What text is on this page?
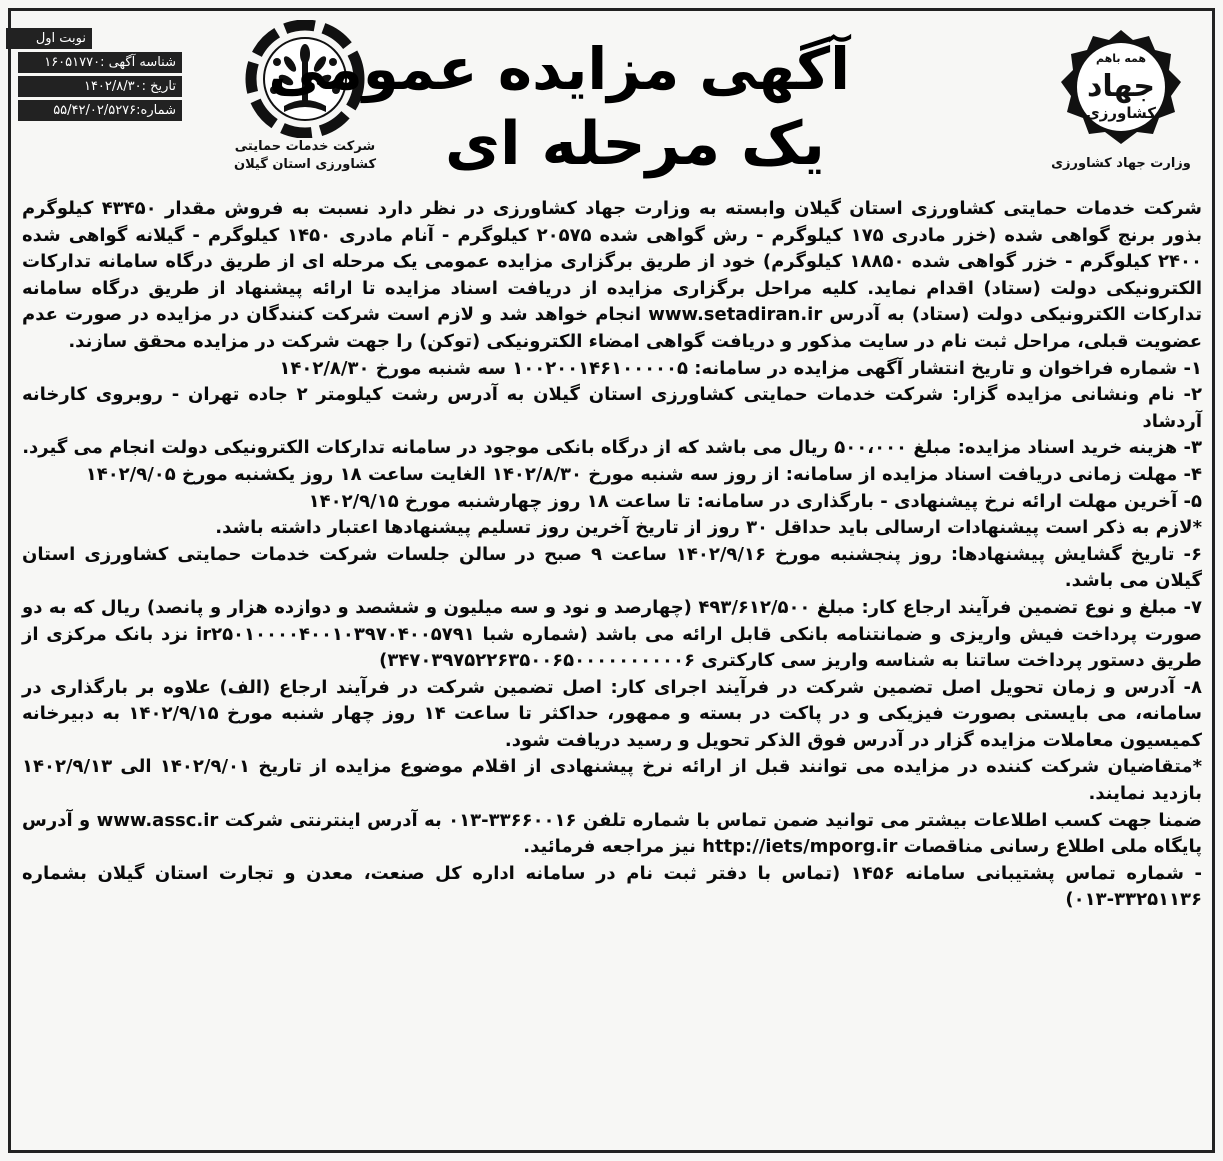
نوبت اول
شناسه آگهی :۱۶۰۵۱۷۷۰
تاریخ :۱۴۰۲/۸/۳۰
شماره:۵۵/۴۲/۰۲/۵۲۷۶
شرکت خدمات حمایتی
کشاورزی استان گیلان
آگهی مزایده عمومی
یک مرحله ای
همه باهم
جهاد
کشاورزی
وزارت جهاد کشاورزی

شرکت خدمات حمایتی کشاورزی استان گیلان وابسته به وزارت جهاد کشاورزی در نظر دارد نسبت به فروش مقدار ۴۳۴۵۰ کیلوگرم بذور برنج گواهی شده (خزر مادری ۱۷۵ کیلوگرم - رش گواهی شده ۲۰۵۷۵ کیلوگرم - آنام مادری ۱۴۵۰ کیلوگرم - گیلانه گواهی شده ۲۴۰۰ کیلوگرم - خزر گواهی شده ۱۸۸۵۰ کیلوگرم) خود از طریق برگزاری مزایده عمومی یک مرحله ای از طریق درگاه سامانه تدارکات الکترونیکی دولت (ستاد) اقدام نماید. کلیه مراحل برگزاری مزایده از دریافت اسناد مزایده تا ارائه پیشنهاد از طریق درگاه سامانه تدارکات الکترونیکی دولت (ستاد) به آدرس www.setadiran.ir انجام خواهد شد و لازم است شرکت کنندگان در مزایده در صورت عدم عضویت قبلی، مراحل ثبت نام در سایت مذکور و دریافت گواهی امضاء الکترونیکی (توکن) را جهت شرکت در مزایده محقق سازند.

۱- شماره فراخوان و تاریخ انتشار آگهی مزایده در سامانه: ۱۰۰۲۰۰۱۴۶۱۰۰۰۰۰۵ سه شنبه مورخ ۱۴۰۲/۸/۳۰

۲- نام ونشانی مزایده گزار: شرکت خدمات حمایتی کشاورزی استان گیلان به آدرس رشت کیلومتر ۲ جاده تهران - روبروی کارخانه آردشاد

۳- هزینه خرید اسناد مزایده: مبلغ ۵۰۰،۰۰۰ ریال می باشد که از درگاه بانکی موجود در سامانه تدارکات الکترونیکی دولت انجام می گیرد.

۴- مهلت زمانی دریافت اسناد مزایده از سامانه: از روز سه شنبه مورخ ۱۴۰۲/۸/۳۰ الغایت ساعت ۱۸ روز یکشنبه مورخ ۱۴۰۲/۹/۰۵

۵- آخرین مهلت ارائه نرخ پیشنهادی - بارگذاری در سامانه: تا ساعت ۱۸ روز چهارشنبه مورخ ۱۴۰۲/۹/۱۵

*لازم به ذکر است پیشنهادات ارسالی باید حداقل ۳۰ روز از تاریخ آخرین روز تسلیم پیشنهادها اعتبار داشته باشد.

۶- تاریخ گشایش پیشنهادها: روز پنجشنبه مورخ ۱۴۰۲/۹/۱۶ ساعت ۹ صبح در سالن جلسات شرکت خدمات حمایتی کشاورزی استان گیلان می باشد.

۷- مبلغ و نوع تضمین فرآیند ارجاع کار: مبلغ ۴۹۳/۶۱۲/۵۰۰ (چهارصد و نود و سه میلیون و ششصد و دوازده هزار و پانصد) ریال که به دو صورت پرداخت فیش واریزی و ضمانتنامه بانکی قابل ارائه می باشد (شماره شبا ir۲۵۰۱۰۰۰۰۴۰۰۱۰۳۹۷۰۴۰۰۵۷۹۱ نزد بانک مرکزی از طریق دستور پرداخت ساتنا به شناسه واریز سی کارکتری ۳۴۷۰۳۹۷۵۲۲۶۳۵۰۰۶۵۰۰۰۰۰۰۰۰۰۰۶)

۸- آدرس و زمان تحویل اصل تضمین شرکت در فرآیند اجرای کار: اصل تضمین شرکت در فرآیند ارجاع (الف) علاوه بر بارگذاری در سامانه، می بایستی بصورت فیزیکی و در پاکت در بسته و ممهور، حداکثر تا ساعت ۱۴ روز چهار شنبه مورخ ۱۴۰۲/۹/۱۵ به دبیرخانه کمیسیون معاملات مزایده گزار در آدرس فوق الذکر تحویل و رسید دریافت شود.

*متقاضیان شرکت کننده در مزایده می توانند قبل از ارائه نرخ پیشنهادی از اقلام موضوع مزایده از تاریخ ۱۴۰۲/۹/۰۱ الی ۱۴۰۲/۹/۱۳ بازدید نمایند.

ضمنا جهت کسب اطلاعات بیشتر می توانید ضمن تماس با شماره تلفن ۳۳۶۶۰۰۱۶-۰۱۳ به آدرس اینترنتی شرکت www.assc.ir و آدرس پایگاه ملی اطلاع رسانی مناقصات http://iets/mporg.ir نیز مراجعه فرمائید.

- شماره تماس پشتیبانی سامانه ۱۴۵۶ (تماس با دفتر ثبت نام در سامانه اداره کل صنعت، معدن و تجارت استان گیلان بشماره ۳۳۲۵۱۱۳۶-۰۱۳)
